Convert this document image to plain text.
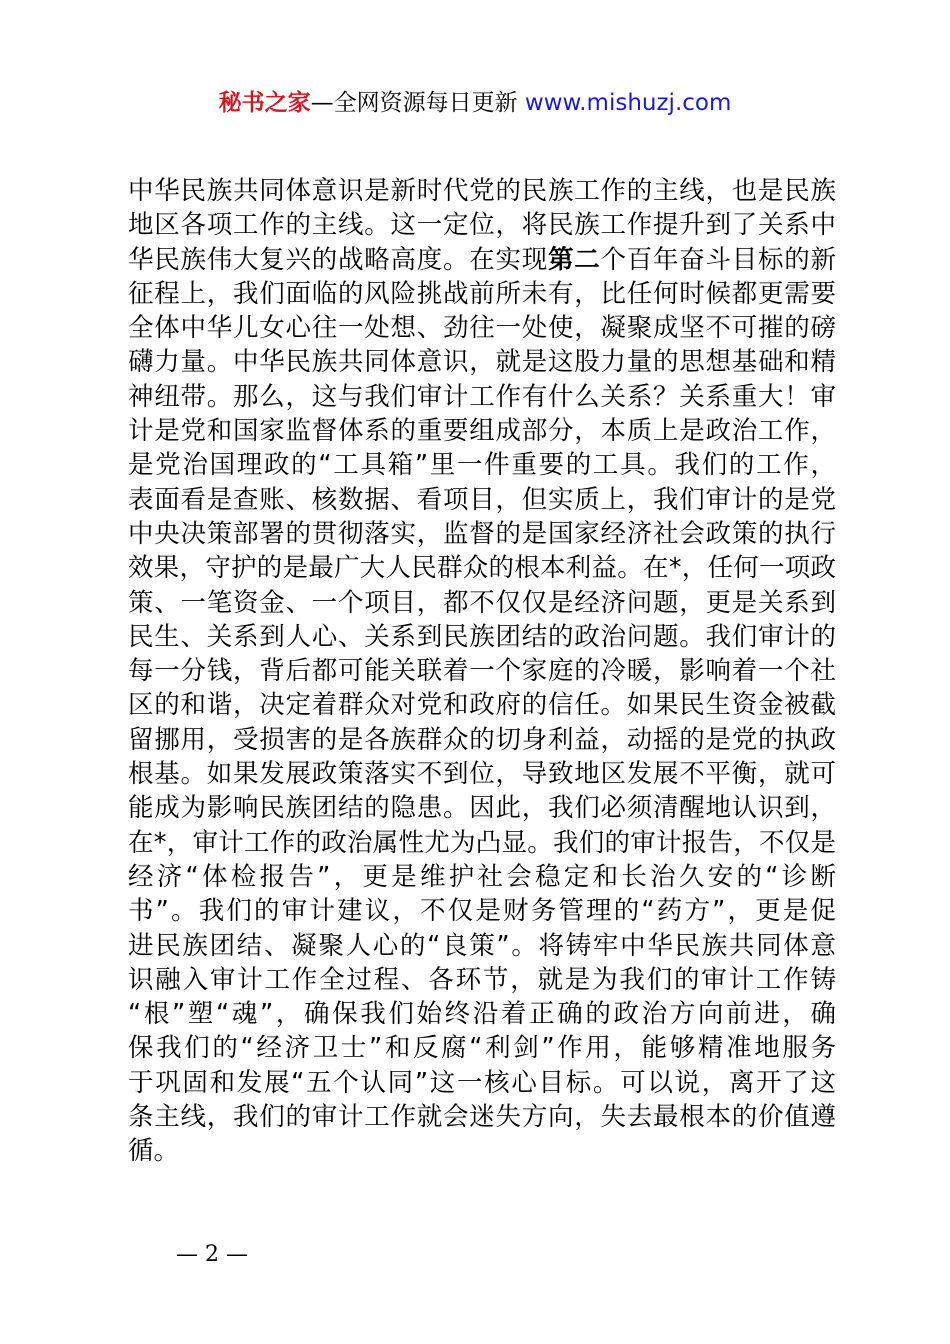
秘书之家—全网资源每日更新 www.mishuzj.com
中华民族共同体意识是新时代党的民族工作的主线，也是民族
地区各项工作的主线。这一定位，将民族工作提升到了关系中
华民族伟大复兴的战略高度。在实现第二个百年奋斗目标的新
征程上，我们面临的风险挑战前所未有，比任何时候都更需要
全体中华儿女心往一处想、劲往一处使，凝聚成坚不可摧的磅
礴力量。中华民族共同体意识，就是这股力量的思想基础和精
神纽带。那么，这与我们审计工作有什么关系？关系重大！审
计是党和国家监督体系的重要组成部分，本质上是政治工作，
是党治国理政的“工具箱”里一件重要的工具。我们的工作，
表面看是查账、核数据、看项目，但实质上，我们审计的是党
中央决策部署的贯彻落实，监督的是国家经济社会政策的执行
效果，守护的是最广大人民群众的根本利益。在*，任何一项政
策、一笔资金、一个项目，都不仅仅是经济问题，更是关系到
民生、关系到人心、关系到民族团结的政治问题。我们审计的
每一分钱，背后都可能关联着一个家庭的冷暖，影响着一个社
区的和谐，决定着群众对党和政府的信任。如果民生资金被截
留挪用，受损害的是各族群众的切身利益，动摇的是党的执政
根基。如果发展政策落实不到位，导致地区发展不平衡，就可
能成为影响民族团结的隐患。因此，我们必须清醒地认识到，
在*，审计工作的政治属性尤为凸显。我们的审计报告，不仅是
经济“体检报告”，更是维护社会稳定和长治久安的“诊断
书”。我们的审计建议，不仅是财务管理的“药方”，更是促
进民族团结、凝聚人心的“良策”。将铸牢中华民族共同体意
识融入审计工作全过程、各环节，就是为我们的审计工作铸
“根”塑“魂”，确保我们始终沿着正确的政治方向前进，确
保我们的“经济卫士”和反腐“利剑”作用，能够精准地服务
于巩固和发展“五个认同”这一核心目标。可以说，离开了这
条主线，我们的审计工作就会迷失方向，失去最根本的价值遵
循。
— 2 —
